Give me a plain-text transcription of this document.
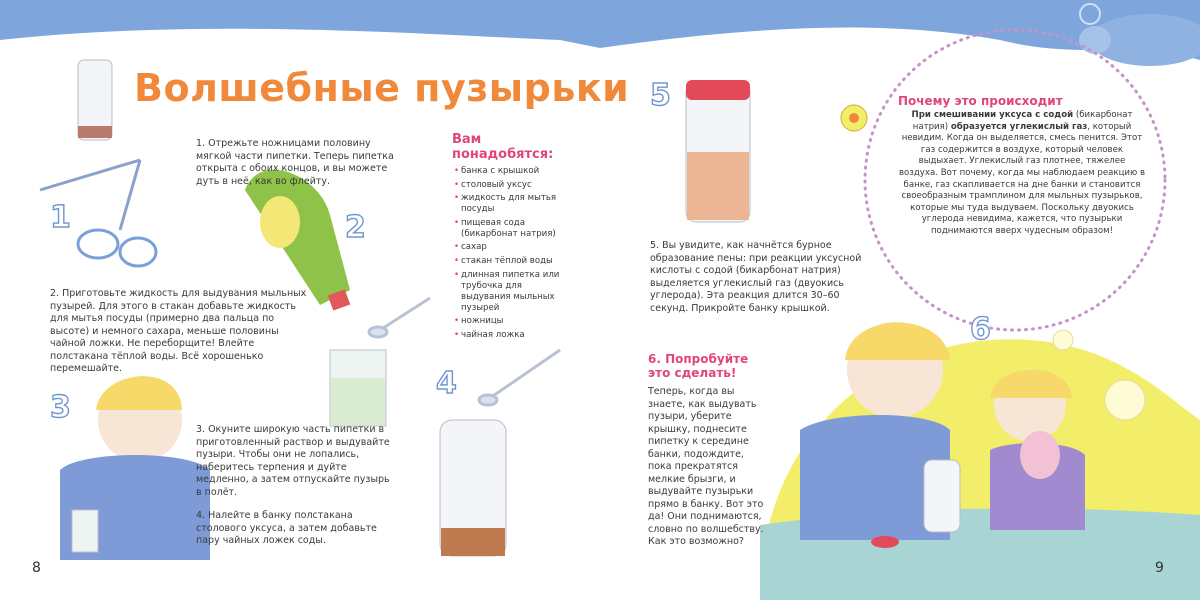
Волшебные пузырьки
1	2
3
4
5
6
1. Отрежьте ножницами половину мягкой части пипетки. Теперь пипетка открыта с обоих концов, и вы можете дуть в неё, как во флейту.
2. Приготовьте жидкость для выдувания мыльных пузырей. Для этого в стакан добавьте жидкость для мытья посуды (примерно два пальца по высоте) и немного сахара, меньше половины чайной ложки. Не переборщите! Влейте полстакана тёплой воды. Всё хорошенько перемешайте.
3. Окуните широкую часть пипетки в приготовленный раствор и выдувайте пузыри. Чтобы они не лопались, наберитесь терпения и дуйте медленно, а затем отпускайте пузырь в полёт.
4. Налейте в банку полстакана столового уксуса, а затем добавьте пару чайных ложек соды.
5. Вы увидите, как начнётся бурное образование пены: при реакции уксусной кислоты с содой (бикарбонат натрия) выделяется углекислый газ (двуокись углерода). Эта реакция длится 30–60 секунд. Прикройте банку крышкой.
Вам понадобятся:
• банка с крышкой
• столовый уксус
• жидкость для мытья посуды
• пищевая сода (бикарбонат натрия)
• сахар
• стакан тёплой воды
• длинная пипетка или трубочка для выдувания мыльных пузырей
• ножницы
• чайная ложка
Почему это происходит
При смешивании уксуса с содой (бикарбонат натрия) образуется углекислый газ, который невидим. Когда он выделяется, смесь пенится. Этот газ содержится в воздухе, который человек выдыхает. Углекислый газ плотнее, тяжелее воздуха. Вот почему, когда мы наблюдаем реакцию в банке, газ скапливается на дне банки и становится своеобразным трамплином для мыльных пузырьков, которые мы туда выдуваем. Поскольку двуокись углерода невидима, кажется, что пузырьки поднимаются вверх чудесным образом!
6. Попробуйте это сделать!
Теперь, когда вы знаете, как выдувать пузыри, уберите крышку, поднесите пипетку к середине банки, подождите, пока прекратятся мелкие брызги, и выдувайте пузырьки прямо в банку. Вот это да! Они поднимаются, словно по волшебству. Как это возможно?
8	9
